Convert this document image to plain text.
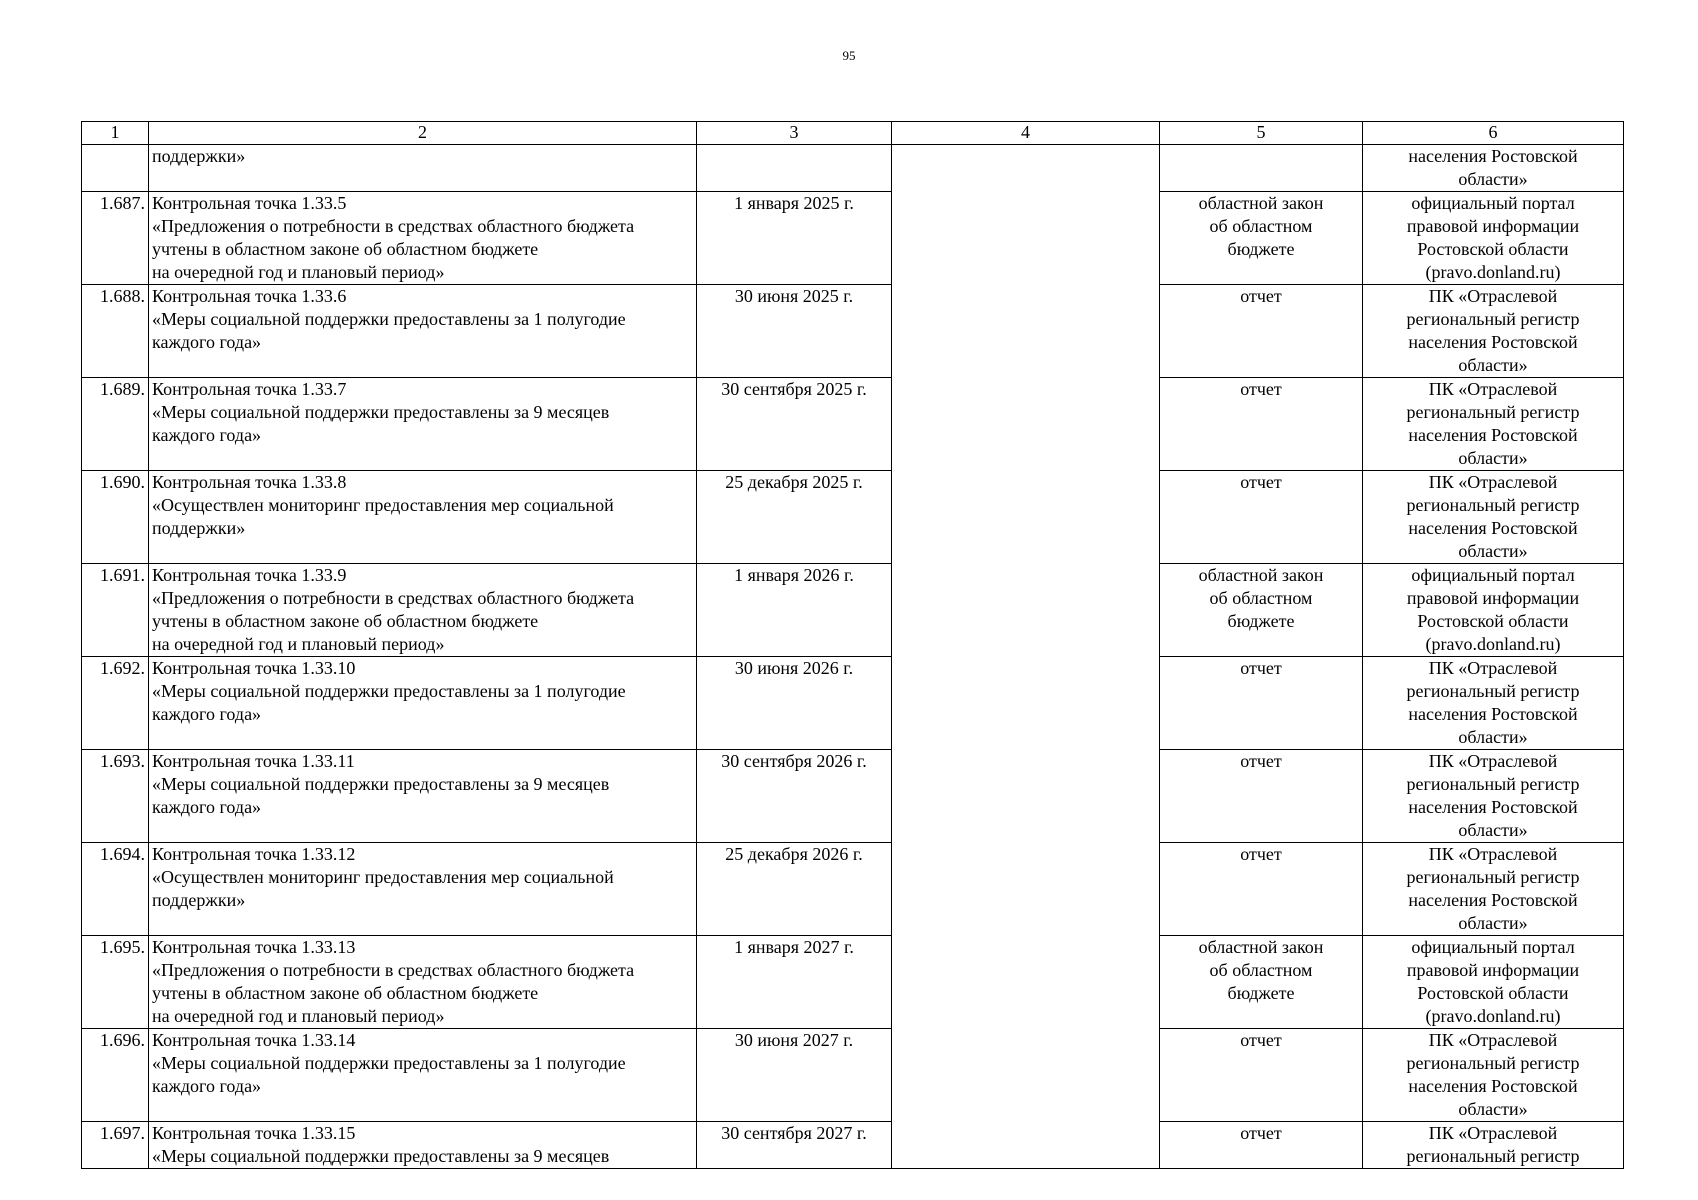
95
1	2	3	4	5	6

	поддержки»				населения Ростовской
области»

1.687.	Контрольная точка 1.33.5
«Предложения о потребности в средствах областного бюджета
учтены в областном законе об областном бюджете
на очередной год и плановый период»	1 января 2025 г.		областной закон
об областном
бюджете	официальный портал
правовой информации
Ростовской области
(pravo.donland.ru)

1.688.	Контрольная точка 1.33.6
«Меры социальной поддержки предоставлены за 1 полугодие
каждого года»	30 июня 2025 г.		отчет	ПК «Отраслевой
региональный регистр
населения Ростовской
области»

1.689.	Контрольная точка 1.33.7
«Меры социальной поддержки предоставлены за 9 месяцев
каждого года»	30 сентября 2025 г.		отчет	ПК «Отраслевой
региональный регистр
населения Ростовской
области»

1.690.	Контрольная точка 1.33.8
«Осуществлен мониторинг предоставления мер социальной
поддержки»	25 декабря 2025 г.		отчет	ПК «Отраслевой
региональный регистр
населения Ростовской
области»

1.691.	Контрольная точка 1.33.9
«Предложения о потребности в средствах областного бюджета
учтены в областном законе об областном бюджете
на очередной год и плановый период»	1 января 2026 г.		областной закон
об областном
бюджете	официальный портал
правовой информации
Ростовской области
(pravo.donland.ru)

1.692.	Контрольная точка 1.33.10
«Меры социальной поддержки предоставлены за 1 полугодие
каждого года»	30 июня 2026 г.		отчет	ПК «Отраслевой
региональный регистр
населения Ростовской
области»

1.693.	Контрольная точка 1.33.11
«Меры социальной поддержки предоставлены за 9 месяцев
каждого года»	30 сентября 2026 г.		отчет	ПК «Отраслевой
региональный регистр
населения Ростовской
области»

1.694.	Контрольная точка 1.33.12
«Осуществлен мониторинг предоставления мер социальной
поддержки»	25 декабря 2026 г.		отчет	ПК «Отраслевой
региональный регистр
населения Ростовской
области»

1.695.	Контрольная точка 1.33.13
«Предложения о потребности в средствах областного бюджета
учтены в областном законе об областном бюджете
на очередной год и плановый период»	1 января 2027 г.		областной закон
об областном
бюджете	официальный портал
правовой информации
Ростовской области
(pravo.donland.ru)

1.696.	Контрольная точка 1.33.14
«Меры социальной поддержки предоставлены за 1 полугодие
каждого года»	30 июня 2027 г.		отчет	ПК «Отраслевой
региональный регистр
населения Ростовской
области»

1.697.	Контрольная точка 1.33.15
«Меры социальной поддержки предоставлены за 9 месяцев	30 сентября 2027 г.		отчет	ПК «Отраслевой
региональный регистр
